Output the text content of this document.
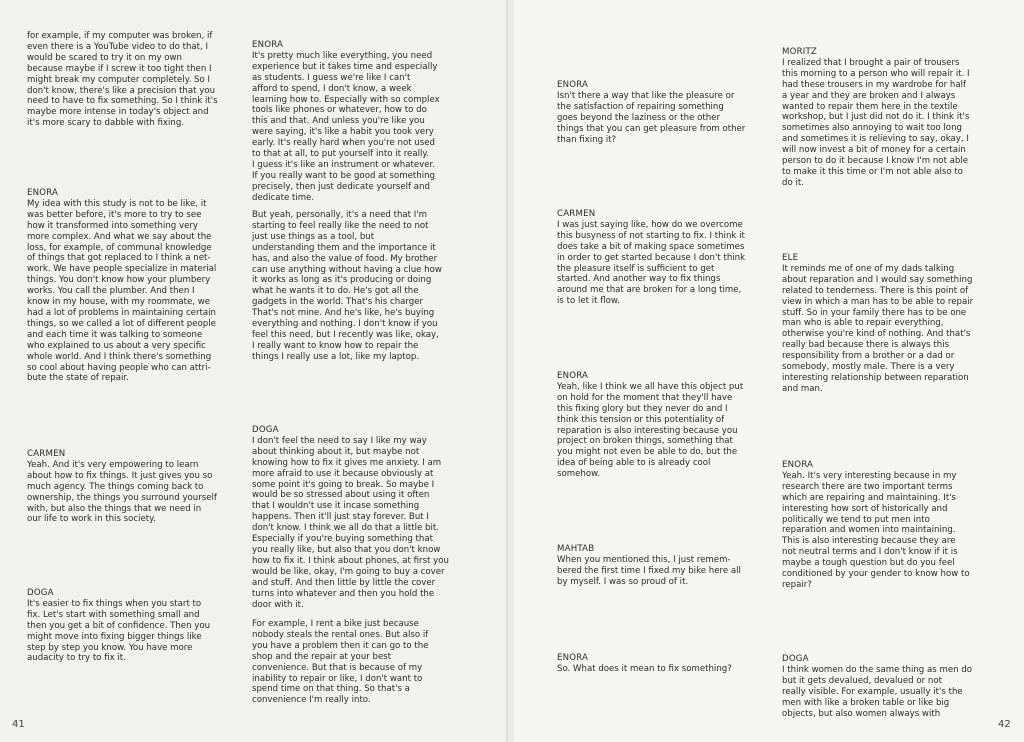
for example, if my computer was broken, if
even there is a YouTube video to do that, I
would be scared to try it on my own
because maybe if I screw it too tight then I
might break my computer completely. So I
don't know, there's like a precision that you
need to have to fix something. So I think it's
maybe more intense in today's object and
it's more scary to dabble with fixing.

ENORA
My idea with this study is not to be like, it
was better before, it's more to try to see
how it transformed into something very
more complex. And what we say about the
loss, for example, of communal knowledge
of things that got replaced to I think a net-
work. We have people specialize in material
things. You don't know how your plumbery
works. You call the plumber. And then I
know in my house, with my roommate, we
had a lot of problems in maintaining certain
things, so we called a lot of different people
and each time it was talking to someone
who explained to us about a very specific
whole world. And I think there's something
so cool about having people who can attri-
bute the state of repair.

CARMEN
Yeah. And it's very empowering to learn
about how to fix things. It just gives you so
much agency. The things coming back to
ownership, the things you surround yourself
with, but also the things that we need in
our life to work in this society.

DOGA
It's easier to fix things when you start to
fix. Let's start with something small and
then you get a bit of confidence. Then you
might move into fixing bigger things like
step by step you know. You have more
audacity to try to fix it.

ENORA
It's pretty much like everything, you need
experience but it takes time and especially
as students. I guess we're like I can't
afford to spend, I don't know, a week
learning how to. Especially with so complex
tools like phones or whatever, how to do
this and that. And unless you're like you
were saying, it's like a habit you took very
early. It's really hard when you're not used
to that at all, to put yourself into it really.
I guess it's like an instrument or whatever.
If you really want to be good at something
precisely, then just dedicate yourself and
dedicate time.

But yeah, personally, it's a need that I'm
starting to feel really like the need to not
just use things as a tool, but
understanding them and the importance it
has, and also the value of food. My brother
can use anything without having a clue how
it works as long as it's producing or doing
what he wants it to do. He's got all the
gadgets in the world. That's his charger
That's not mine. And he's like, he's buying
everything and nothing. I don't know if you
feel this need, but I recently was like, okay,
I really want to know how to repair the
things I really use a lot, like my laptop.

DOGA
I don't feel the need to say I like my way
about thinking about it, but maybe not
knowing how to fix it gives me anxiety. I am
more afraid to use it because obviously at
some point it's going to break. So maybe I
would be so stressed about using it often
that I wouldn't use it incase something
happens. Then it'll just stay forever. But I
don't know. I think we all do that a little bit.
Especially if you're buying something that
you really like, but also that you don't know
how to fix it. I think about phones, at first you
would be like, okay, I'm going to buy a cover
and stuff. And then little by little the cover
turns into whatever and then you hold the
door with it.

For example, I rent a bike just because
nobody steals the rental ones. But also if
you have a problem then it can go to the
shop and the repair at your best
convenience. But that is because of my
inability to repair or like, I don't want to
spend time on that thing. So that's a
convenience I'm really into.

41

ENORA
Isn't there a way that like the pleasure or
the satisfaction of repairing something
goes beyond the laziness or the other
things that you can get pleasure from other
than fixing it?

CARMEN
I was just saying like, how do we overcome
this busyness of not starting to fix. I think it
does take a bit of making space sometimes
in order to get started because I don't think
the pleasure itself is sufficient to get
started. And another way to fix things
around me that are broken for a long time,
is to let it flow.

ENORA
Yeah, like I think we all have this object put
on hold for the moment that they'll have
this fixing glory but they never do and I
think this tension or this potentiality of
reparation is also interesting because you
project on broken things, something that
you might not even be able to do, but the
idea of being able to is already cool
somehow.

MAHTAB
When you mentioned this, I just remem-
bered the first time I fixed my bike here all
by myself. I was so proud of it.

ENORA
So. What does it mean to fix something?

MORITZ
I realized that I brought a pair of trousers
this morning to a person who will repair it. I
had these trousers in my wardrobe for half
a year and they are broken and I always
wanted to repair them here in the textile
workshop, but I just did not do it. I think it's
sometimes also annoying to wait too long
and sometimes it is relieving to say, okay, I
will now invest a bit of money for a certain
person to do it because I know I'm not able
to make it this time or I'm not able also to
do it.

ELE
It reminds me of one of my dads talking
about reparation and I would say something
related to tenderness. There is this point of
view in which a man has to be able to repair
stuff. So in your family there has to be one
man who is able to repair everything,
otherwise you're kind of nothing. And that's
really bad because there is always this
responsibility from a brother or a dad or
somebody, mostly male. There is a very
interesting relationship between reparation
and man.

ENORA
Yeah. It's very interesting because in my
research there are two important terms
which are repairing and maintaining. It's
interesting how sort of historically and
politically we tend to put men into
reparation and women into maintaining.
This is also interesting because they are
not neutral terms and I don't know if it is
maybe a tough question but do you feel
conditioned by your gender to know how to
repair?

DOGA
I think women do the same thing as men do
but it gets devalued, devalued or not
really visible. For example, usually it's the
men with like a broken table or like big
objects, but also women always with

42
